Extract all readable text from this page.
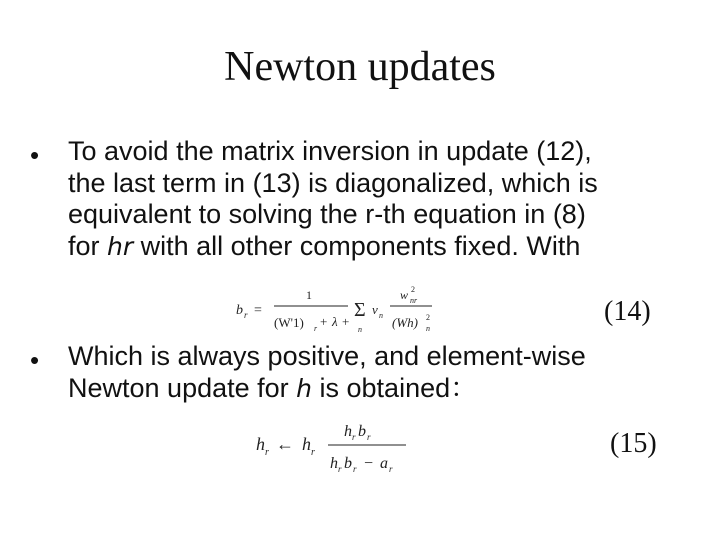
Newton updates
• To avoid the matrix inversion in update (12),
the last term in (13) is diagonalized, which is
equivalent to solving the r-th equation in (8)
for hr with all other components fixed. With
b r =
1
(W'1) r + λ +
Σ
n
v n
w 2
nr
(Wh) 2
n
(14)
• Which is always positive, and element-wise
Newton update for h is obtained：
h r ← h r
h r b r
h r b r − a r
(15)
